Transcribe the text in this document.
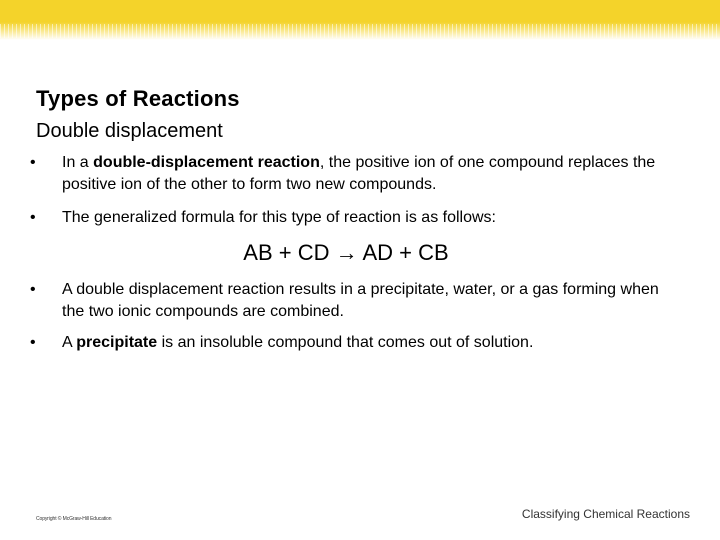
Types of Reactions
Double displacement
•	In a double-displacement reaction, the positive ion of one compound replaces the positive ion of the other to form two new compounds.
•	The generalized formula for this type of reaction is as follows:
•	A double displacement reaction results in a precipitate, water, or a gas forming when the two ionic compounds are combined.
•	A precipitate is an insoluble compound that comes out of solution.
AB + CD → AD + CB
Copyright © McGraw-Hill Education	Classifying Chemical Reactions
